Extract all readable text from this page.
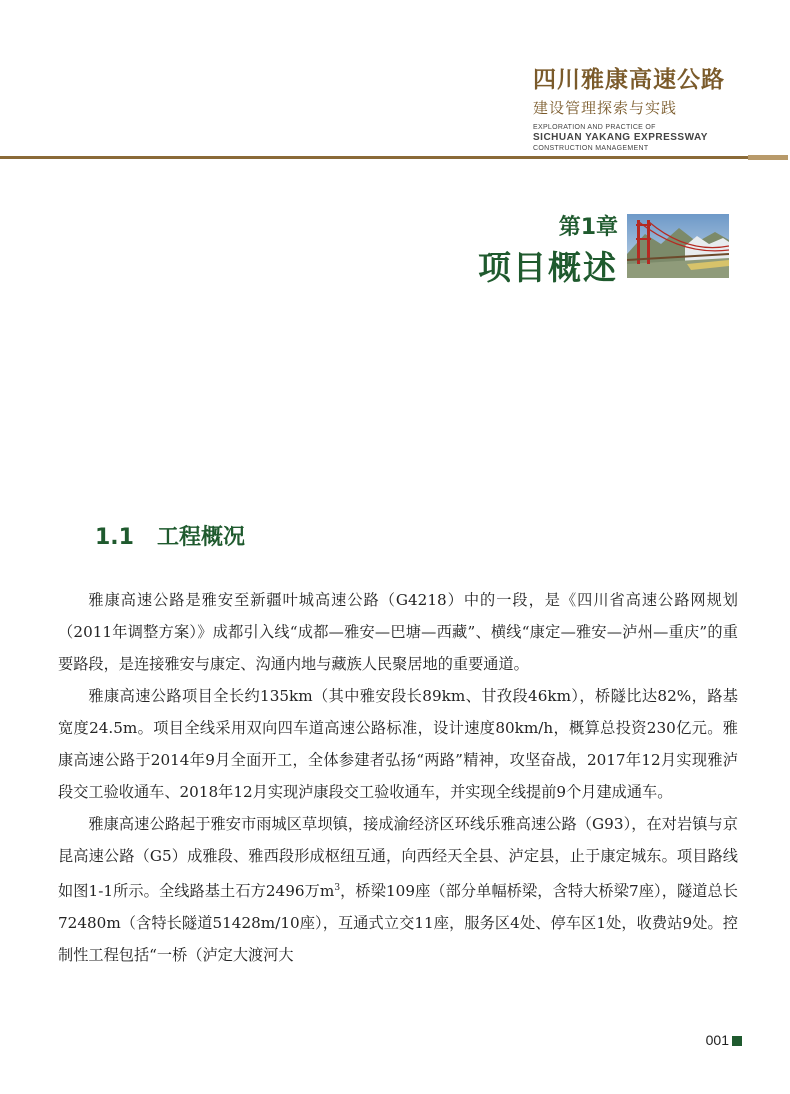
四川雅康高速公路
建设管理探索与实践
EXPLORATION AND PRACTICE OF
SICHUAN YAKANG EXPRESSWAY
CONSTRUCTION MANAGEMENT
第1章
项目概述
1.1 工程概况

雅康高速公路是雅安至新疆叶城高速公路（G4218）中的一段，是《四川省高速公路网规划（2011年调整方案）》成都引入线“成都—雅安—巴塘—西藏”、横线“康定—雅安—泸州—重庆”的重要路段，是连接雅安与康定、沟通内地与藏族人民聚居地的重要通道。

雅康高速公路项目全长约135km（其中雅安段长89km、甘孜段46km），桥隧比达82%，路基宽度24.5m。项目全线采用双向四车道高速公路标准，设计速度80km/h，概算总投资230亿元。雅康高速公路于2014年9月全面开工，全体参建者弘扬“两路”精神，攻坚奋战，2017年12月实现雅泸段交工验收通车、2018年12月实现泸康段交工验收通车，并实现全线提前9个月建成通车。

雅康高速公路起于雅安市雨城区草坝镇，接成渝经济区环线乐雅高速公路（G93），在对岩镇与京昆高速公路（G5）成雅段、雅西段形成枢纽互通，向西经天全县、泸定县，止于康定城东。项目路线如图1-1所示。全线路基土石方2496万$m^3$，桥梁109座（部分单幅桥梁，含特大桥梁7座），隧道总长72480m（含特长隧道51428m/10座），互通式立交11座，服务区4处、停车区1处，收费站9处。控制性工程包括“一桥（泸定大渡河大

001
